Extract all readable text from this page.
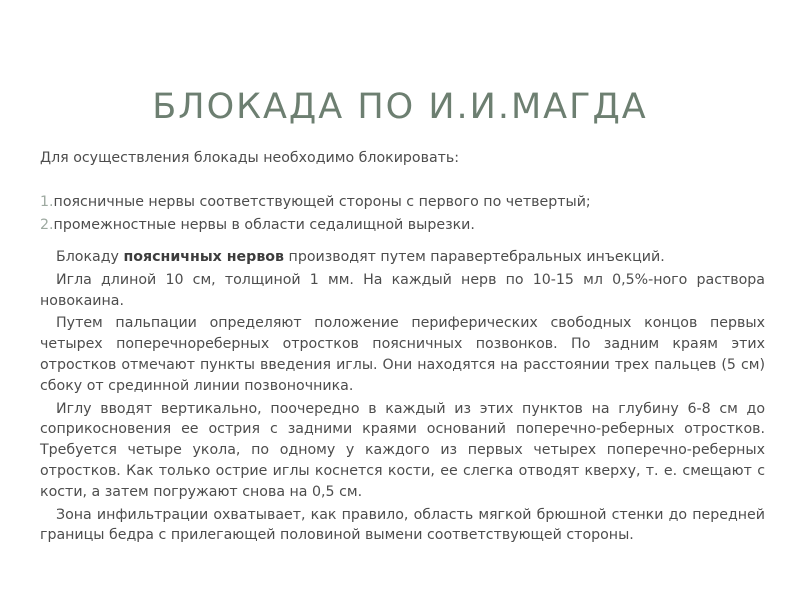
БЛОКАДА ПО И.И.МАГДА

Для осуществления блокады необходимо блокировать:

1.поясничные нервы соответствующей стороны с первого по четвертый;
2.промежностные нервы в области седалищной вырезки.

Блокаду поясничных нервов производят путем паравертебральных инъекций.

Игла длиной 10 см, толщиной 1 мм. На каждый нерв по 10-15 мл 0,5%-ного раствора новокаина.

Путем пальпации определяют положение периферических свободных концов первых четырех поперечнореберных отростков поясничных позвонков. По задним краям этих отростков отмечают пункты введения иглы. Они находятся на расстоянии трех пальцев (5 см) сбоку от срединной линии позвоночника.

Иглу вводят вертикально, поочередно в каждый из этих пунктов на глубину 6-8 см до соприкосновения ее острия с задними краями оснований поперечно-реберных отростков. Требуется четыре укола, по одному у каждого из первых четырех поперечно-реберных отростков. Как только острие иглы коснется кости, ее слегка отводят кверху, т. е. смещают с кости, а затем погружают снова на 0,5 см.

Зона инфильтрации охватывает, как правило, область мягкой брюшной стенки до передней границы бедра с прилегающей половиной вымени соответствующей стороны.
